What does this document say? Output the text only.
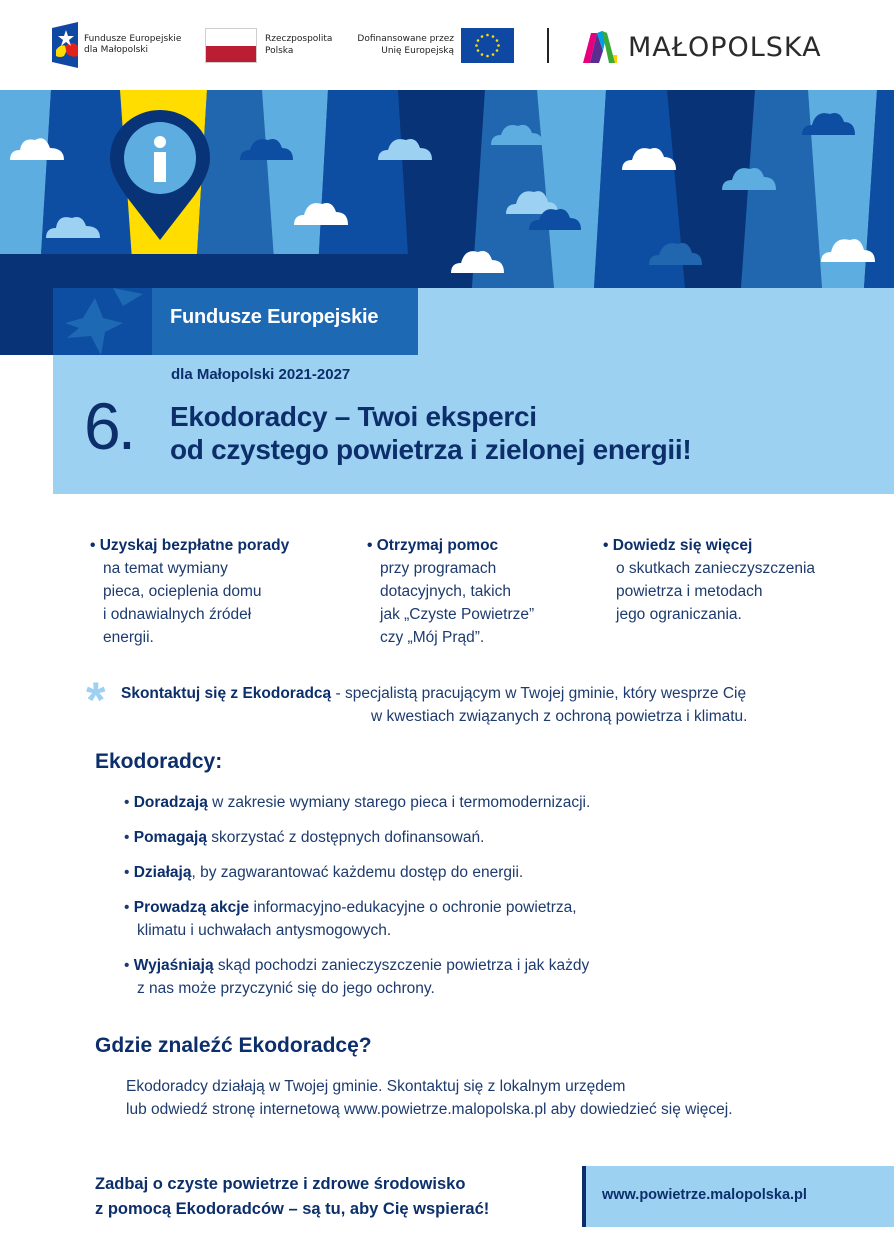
Fundusze Europejskie
dla Małopolski
Rzeczpospolita
Polska
Dofinansowane przez
Unię Europejską	MAŁOPOLSKA
Fundusze Europejskie
dla Małopolski 2021-2027
6. Ekodoradcy – Twoi eksperci
od czystego powietrza i zielonej energii!
• Uzyskaj bezpłatne porady
na temat wymiany
pieca, ocieplenia domu
i odnawialnych źródeł
energii.
• Otrzymaj pomoc
przy programach
dotacyjnych, takich
jak „Czyste Powietrze”
czy „Mój Prąd”.
• Dowiedz się więcej
o skutkach zanieczyszczenia
powietrza i metodach
jego ograniczania.
* Skontaktuj się z Ekodoradcą - specjalistą pracującym w Twojej gminie, który wesprze Cię
w kwestiach związanych z ochroną powietrza i klimatu.
Ekodoradcy:
• Doradzają w zakresie wymiany starego pieca i termomodernizacji.
• Pomagają skorzystać z dostępnych dofinansowań.
• Działają, by zagwarantować każdemu dostęp do energii.
• Prowadzą akcje informacyjno-edukacyjne o ochronie powietrza,
klimatu i uchwałach antysmogowych.
• Wyjaśniają skąd pochodzi zanieczyszczenie powietrza i jak każdy
z nas może przyczynić się do jego ochrony.
Gdzie znaleźć Ekodoradcę?
Ekodoradcy działają w Twojej gminie. Skontaktuj się z lokalnym urzędem
lub odwiedź stronę internetową www.powietrze.malopolska.pl aby dowiedzieć się więcej.
Zadbaj o czyste powietrze i zdrowe środowisko
z pomocą Ekodoradców – są tu, aby Cię wspierać!
www.powietrze.malopolska.pl
